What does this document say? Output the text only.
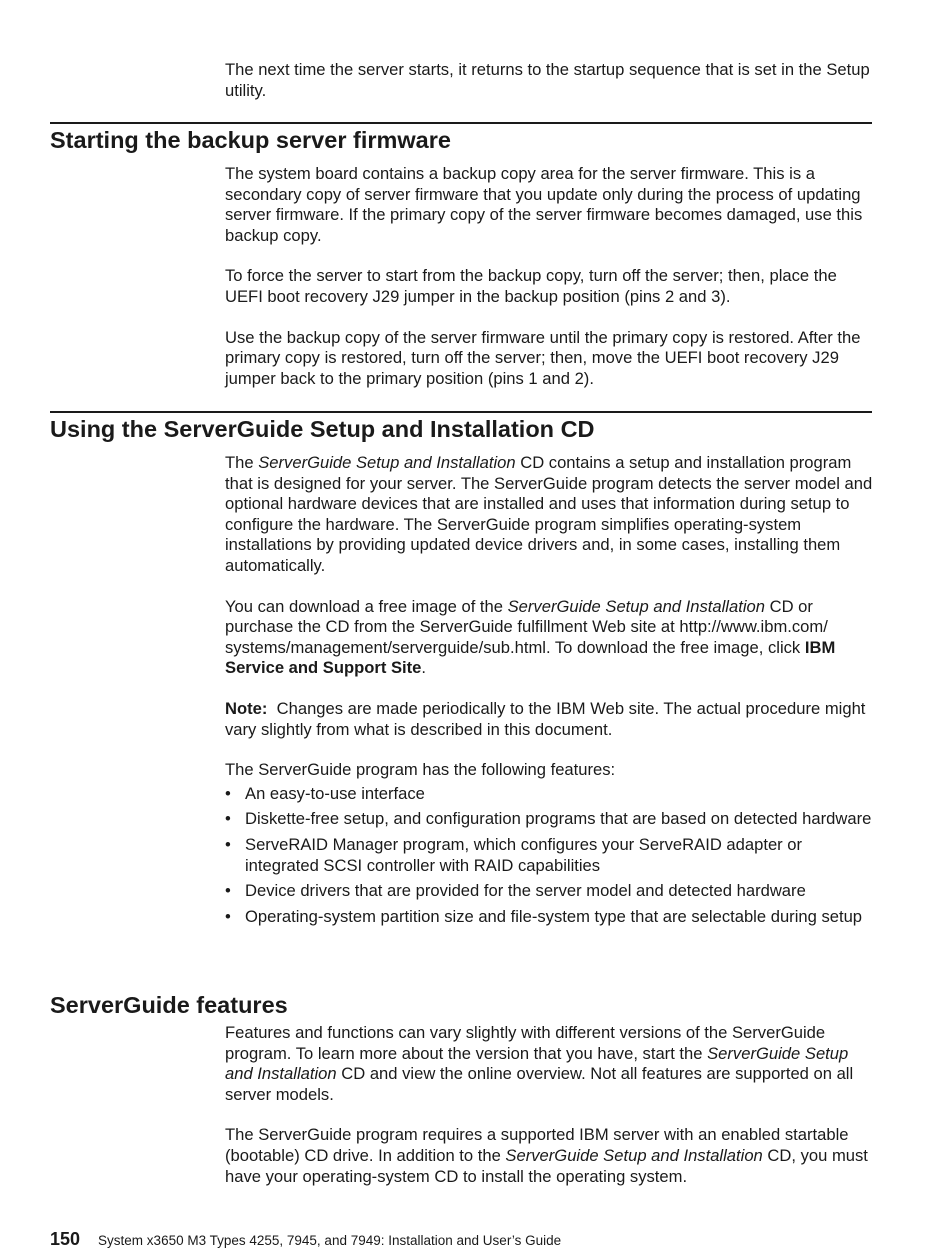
The next time the server starts, it returns to the startup sequence that is set in the Setup utility.

Starting the backup server firmware

The system board contains a backup copy area for the server firmware. This is a secondary copy of server firmware that you update only during the process of updating server firmware. If the primary copy of the server firmware becomes damaged, use this backup copy.

To force the server to start from the backup copy, turn off the server; then, place the UEFI boot recovery J29 jumper in the backup position (pins 2 and 3).

Use the backup copy of the server firmware until the primary copy is restored. After the primary copy is restored, turn off the server; then, move the UEFI boot recovery J29 jumper back to the primary position (pins 1 and 2).

Using the ServerGuide Setup and Installation CD

The ServerGuide Setup and Installation CD contains a setup and installation program that is designed for your server. The ServerGuide program detects the server model and optional hardware devices that are installed and uses that information during setup to configure the hardware. The ServerGuide program simplifies operating-system installations by providing updated device drivers and, in some cases, installing them automatically.

You can download a free image of the ServerGuide Setup and Installation CD or purchase the CD from the ServerGuide fulfillment Web site at http://www.ibm.com/ systems/management/serverguide/sub.html. To download the free image, click IBM Service and Support Site.

Note:  Changes are made periodically to the IBM Web site. The actual procedure might vary slightly from what is described in this document.

The ServerGuide program has the following features:

• An easy-to-use interface
• Diskette-free setup, and configuration programs that are based on detected hardware
• ServeRAID Manager program, which configures your ServeRAID adapter or integrated SCSI controller with RAID capabilities
• Device drivers that are provided for the server model and detected hardware
• Operating-system partition size and file-system type that are selectable during setup
ServerGuide features

Features and functions can vary slightly with different versions of the ServerGuide program. To learn more about the version that you have, start the ServerGuide Setup and Installation CD and view the online overview. Not all features are supported on all server models.

The ServerGuide program requires a supported IBM server with an enabled startable (bootable) CD drive. In addition to the ServerGuide Setup and Installation CD, you must have your operating-system CD to install the operating system.

150 System x3650 M3 Types 4255, 7945, and 7949: Installation and User’s Guide
